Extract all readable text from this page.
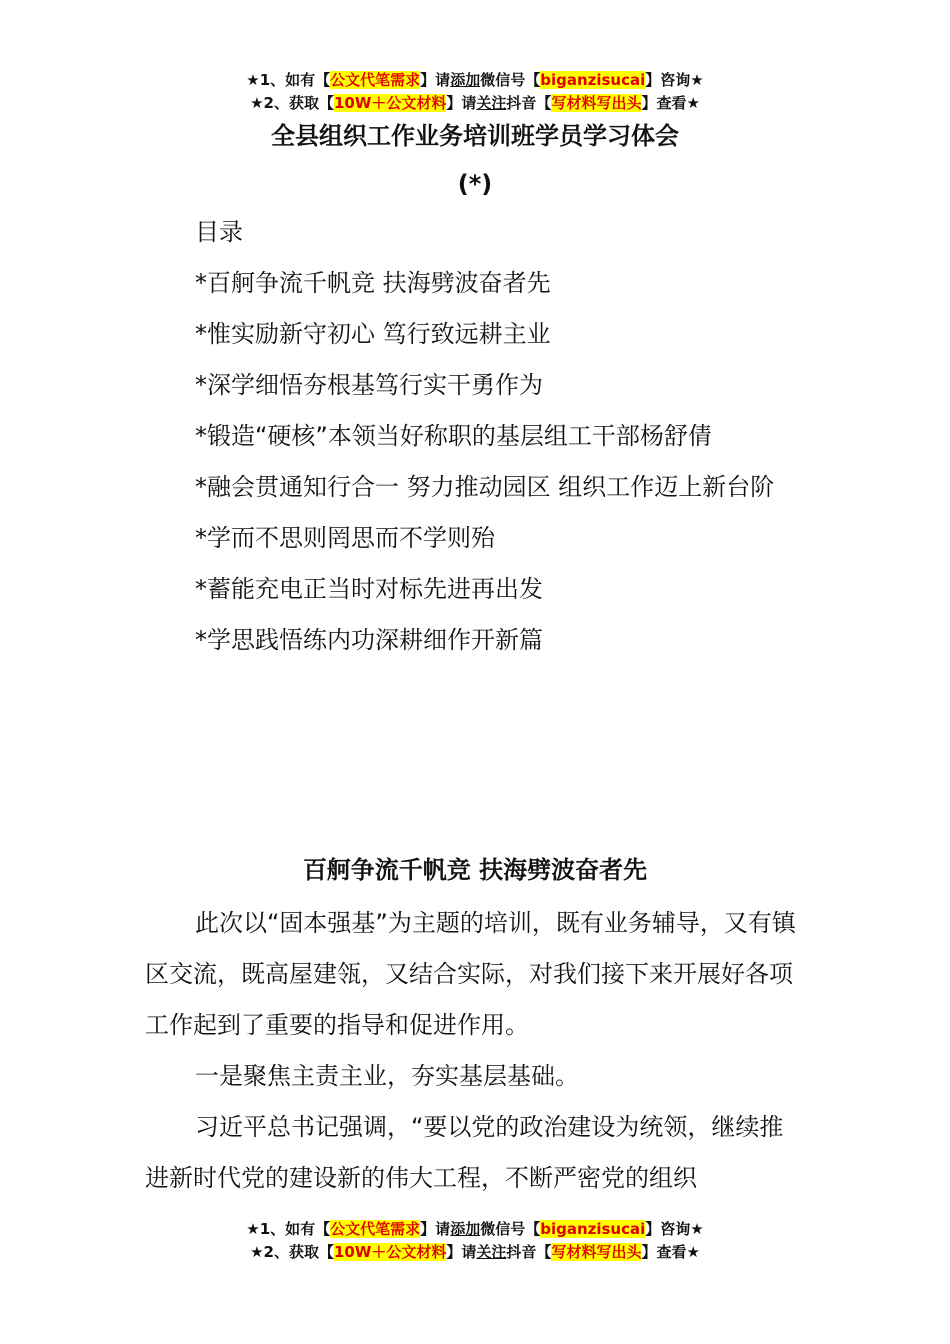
★1、如有【公文代笔需求】请添加微信号【biganzisucai】咨询★
★2、获取【10W＋公文材料】请关注抖音【写材料写出头】查看★
全县组织工作业务培训班学员学习体会
(*)

目录

*百舸争流千帆竞 扶海劈波奋者先

*惟实励新守初心 笃行致远耕主业

*深学细悟夯根基笃行实干勇作为

*锻造“硬核”本领当好称职的基层组工干部杨舒倩

*融会贯通知行合一 努力推动园区 组织工作迈上新台阶

*学而不思则罔思而不学则殆

*蓄能充电正当时对标先进再出发

*学思践悟练内功深耕细作开新篇

百舸争流千帆竞 扶海劈波奋者先

此次以“固本强基”为主题的培训，既有业务辅导，又有镇区交流，既高屋建瓴，又结合实际，对我们接下来开展好各项工作起到了重要的指导和促进作用。

一是聚焦主责主业，夯实基层基础。

习近平总书记强调，“要以党的政治建设为统领，继续推进新时代党的建设新的伟大工程，不断严密党的组织

★1、如有【公文代笔需求】请添加微信号【biganzisucai】咨询★
★2、获取【10W＋公文材料】请关注抖音【写材料写出头】查看★
